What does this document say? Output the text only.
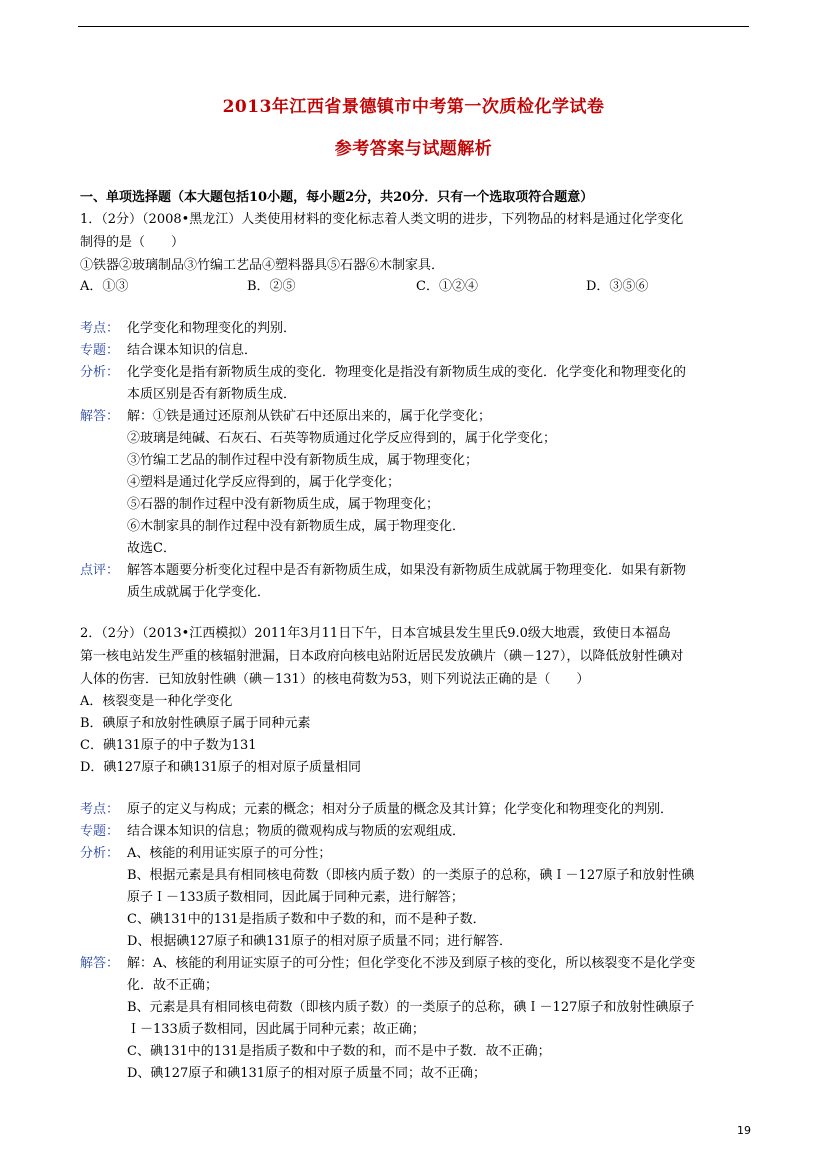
2013年江西省景德镇市中考第一次质检化学试卷
参考答案与试题解析
一、单项选择题（本大题包括10小题，每小题2分，共20分．只有一个选取项符合题意）
1．（2分）（2008•黑龙江）人类使用材料的变化标志着人类文明的进步，下列物品的材料是通过化学变化
制得的是（　　）
①铁器②玻璃制品③竹编工艺品④塑料器具⑤石器⑥木制家具．
A．①③	B．②⑤	C．①②④	D．③⑤⑥
考点： 化学变化和物理变化的判别．
专题： 结合课本知识的信息．
分析： 化学变化是指有新物质生成的变化．物理变化是指没有新物质生成的变化．化学变化和物理变化的
本质区别是否有新物质生成．
解答： 解：①铁是通过还原剂从铁矿石中还原出来的，属于化学变化；
②玻璃是纯碱、石灰石、石英等物质通过化学反应得到的，属于化学变化；
③竹编工艺品的制作过程中没有新物质生成，属于物理变化；
④塑料是通过化学反应得到的，属于化学变化；
⑤石器的制作过程中没有新物质生成，属于物理变化；
⑥木制家具的制作过程中没有新物质生成，属于物理变化．
故选C．
点评： 解答本题要分析变化过程中是否有新物质生成，如果没有新物质生成就属于物理变化．如果有新物
质生成就属于化学变化．
2．（2分）（2013•江西模拟）2011年3月11日下午，日本宫城县发生里氏9.0级大地震，致使日本福岛
第一核电站发生严重的核辐射泄漏，日本政府向核电站附近居民发放碘片（碘－127），以降低放射性碘对
人体的伤害．已知放射性碘（碘－131）的核电荷数为53，则下列说法正确的是（　　）
A．核裂变是一种化学变化
B．碘原子和放射性碘原子属于同种元素
C．碘131原子的中子数为131
D．碘127原子和碘131原子的相对原子质量相同
考点： 原子的定义与构成；元素的概念；相对分子质量的概念及其计算；化学变化和物理变化的判别．
专题： 结合课本知识的信息；物质的微观构成与物质的宏观组成．
分析： A、核能的利用证实原子的可分性；
B、根据元素是具有相同核电荷数（即核内质子数）的一类原子的总称，碘Ｉ－127原子和放射性碘
原子Ｉ－133质子数相同，因此属于同种元素，进行解答；
C、碘131中的131是指质子数和中子数的和，而不是种子数．
D、根据碘127原子和碘131原子的相对原子质量不同；进行解答．
解答： 解：A、核能的利用证实原子的可分性；但化学变化不涉及到原子核的变化，所以核裂变不是化学变
化．故不正确；
B、元素是具有相同核电荷数（即核内质子数）的一类原子的总称，碘Ｉ－127原子和放射性碘原子
Ｉ－133质子数相同，因此属于同种元素；故正确；
C、碘131中的131是指质子数和中子数的和，而不是中子数．故不正确；
D、碘127原子和碘131原子的相对原子质量不同；故不正确；
19
